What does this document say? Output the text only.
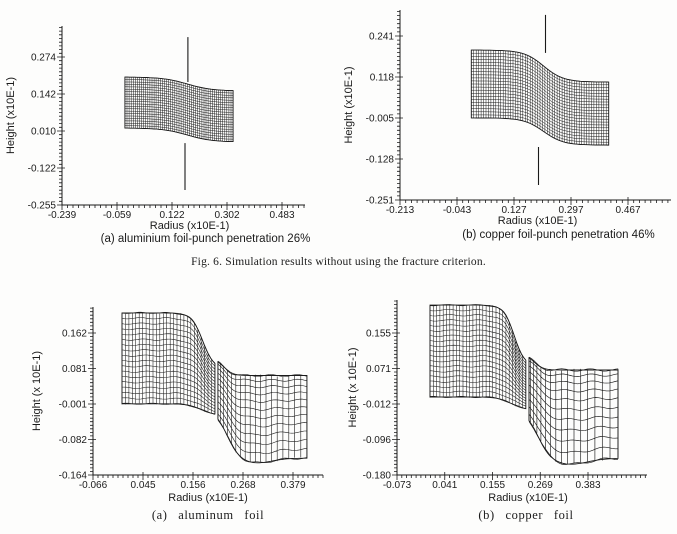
-0.239	-0.059	0.122	0.302	0.483
0.274
0.142
0.010
-0.122
-0.255
Radius (x10E-1)
Height (x10E-1)
(a) aluminium foil-punch penetration 26%
-0.213	-0.043	0.127	0.297	0.467
0.241
0.118
-0.005
-0.128
-0.251
Radius (x10E-1)
Height (x10E-1)
(b) copper foil-punch penetration 46%
Fig. 6. Simulation results without using the fracture criterion.
-0.066 0.045 0.156 0.268 0.379
0.162
0.081
-0.001
-0.082
-0.164
Radius (x10E-1)
Height (x 10E-1)
(a) aluminum foil
-0.073 0.041 0.155 0.269 0.383
0.155
0.071
-0.012
-0.096
-0.180
Radius (x10E-1)
Height (x 10E-1)
(b) copper foil
